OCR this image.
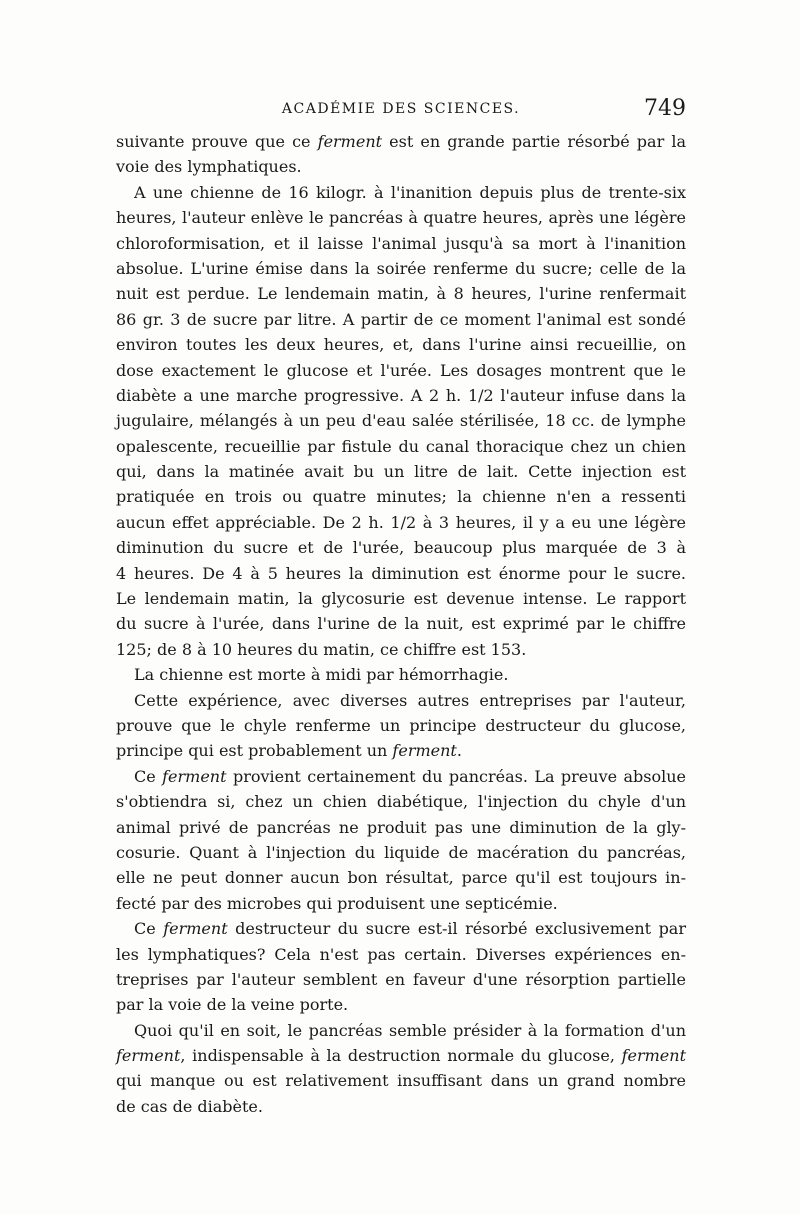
ACADÉMIE DES SCIENCES.	749
suivante prouve que ce ferment est en grande partie résorbé par la
voie des lymphatiques.
A une chienne de 16 kilogr. à l'inanition depuis plus de trente-six
heures, l'auteur enlève le pancréas à quatre heures, après une légère
chloroformisation, et il laisse l'animal jusqu'à sa mort à l'inanition
absolue. L'urine émise dans la soirée renferme du sucre; celle de la
nuit est perdue. Le lendemain matin, à 8 heures, l'urine renfermait
86 gr. 3 de sucre par litre. A partir de ce moment l'animal est sondé
environ toutes les deux heures, et, dans l'urine ainsi recueillie, on
dose exactement le glucose et l'urée. Les dosages montrent que le
diabète a une marche progressive. A 2 h. 1/2 l'auteur infuse dans la
jugulaire, mélangés à un peu d'eau salée stérilisée, 18 cc. de lymphe
opalescente, recueillie par fistule du canal thoracique chez un chien
qui, dans la matinée avait bu un litre de lait. Cette injection est
pratiquée en trois ou quatre minutes; la chienne n'en a ressenti
aucun effet appréciable. De 2 h. 1/2 à 3 heures, il y a eu une légère
diminution du sucre et de l'urée, beaucoup plus marquée de 3 à
4 heures. De 4 à 5 heures la diminution est énorme pour le sucre.
Le lendemain matin, la glycosurie est devenue intense. Le rapport
du sucre à l'urée, dans l'urine de la nuit, est exprimé par le chiffre
125; de 8 à 10 heures du matin, ce chiffre est 153.
La chienne est morte à midi par hémorrhagie.
Cette expérience, avec diverses autres entreprises par l'auteur,
prouve que le chyle renferme un principe destructeur du glucose,
principe qui est probablement un ferment.
Ce ferment provient certainement du pancréas. La preuve absolue
s'obtiendra si, chez un chien diabétique, l'injection du chyle d'un
animal privé de pancréas ne produit pas une diminution de la gly-
cosurie. Quant à l'injection du liquide de macération du pancréas,
elle ne peut donner aucun bon résultat, parce qu'il est toujours in-
fecté par des microbes qui produisent une septicémie.
Ce ferment destructeur du sucre est-il résorbé exclusivement par
les lymphatiques? Cela n'est pas certain. Diverses expériences en-
treprises par l'auteur semblent en faveur d'une résorption partielle
par la voie de la veine porte.
Quoi qu'il en soit, le pancréas semble présider à la formation d'un
ferment, indispensable à la destruction normale du glucose, ferment
qui manque ou est relativement insuffisant dans un grand nombre
de cas de diabète.
